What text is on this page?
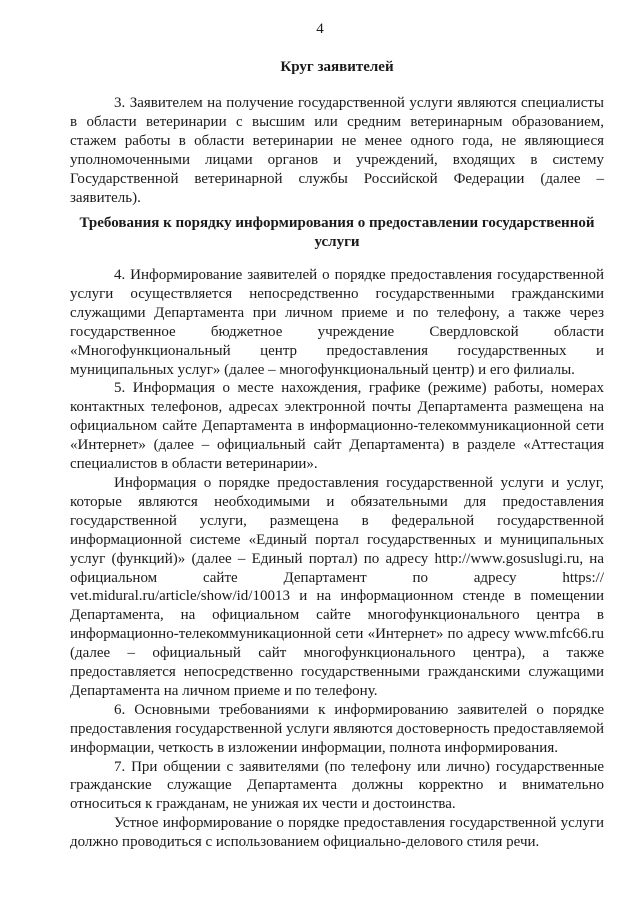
4
Круг заявителей

3. Заявителем на получение государственной услуги являются специалисты в области ветеринарии с высшим или средним ветеринарным образованием, стажем работы в области ветеринарии не менее одного года, не являющиеся уполномоченными лицами органов и учреждений, входящих в систему Государственной ветеринарной службы Российской Федерации (далее – заявитель).

Требования к порядку информирования о предоставлении государственной услуги

4. Информирование заявителей о порядке предоставления государственной услуги осуществляется непосредственно государственными гражданскими служащими Департамента при личном приеме и по телефону, а также через государственное бюджетное учреждение Свердловской области «Многофункциональный центр предоставления государственных и муниципальных услуг» (далее – многофункциональный центр) и его филиалы.

5. Информация о месте нахождения, графике (режиме) работы, номерах контактных телефонов, адресах электронной почты Департамента размещена на официальном сайте Департамента в информационно-телекоммуникационной сети «Интернет» (далее – официальный сайт Департамента) в разделе «Аттестация специалистов в области ветеринарии».

Информация о порядке предоставления государственной услуги и услуг, которые являются необходимыми и обязательными для предоставления государственной услуги, размещена в федеральной государственной информационной системе «Единый портал государственных и муниципальных услуг (функций)» (далее – Единый портал) по адресу http://www.gosuslugi.ru, на официальном сайте Департамент по адресу https:// vet.midural.ru/article/show/id/10013 и на информационном стенде в помещении Департамента, на официальном сайте многофункционального центра в информационно-телекоммуникационной сети «Интернет» по адресу www.mfc66.ru (далее – официальный сайт многофункционального центра), а также предоставляется непосредственно государственными гражданскими служащими Департамента на личном приеме и по телефону.

6. Основными требованиями к информированию заявителей о порядке предоставления государственной услуги являются достоверность предоставляемой информации, четкость в изложении информации, полнота информирования.

7. При общении с заявителями (по телефону или лично) государственные гражданские служащие Департамента должны корректно и внимательно относиться к гражданам, не унижая их чести и достоинства.

Устное информирование о порядке предоставления государственной услуги должно проводиться с использованием официально-делового стиля речи.
